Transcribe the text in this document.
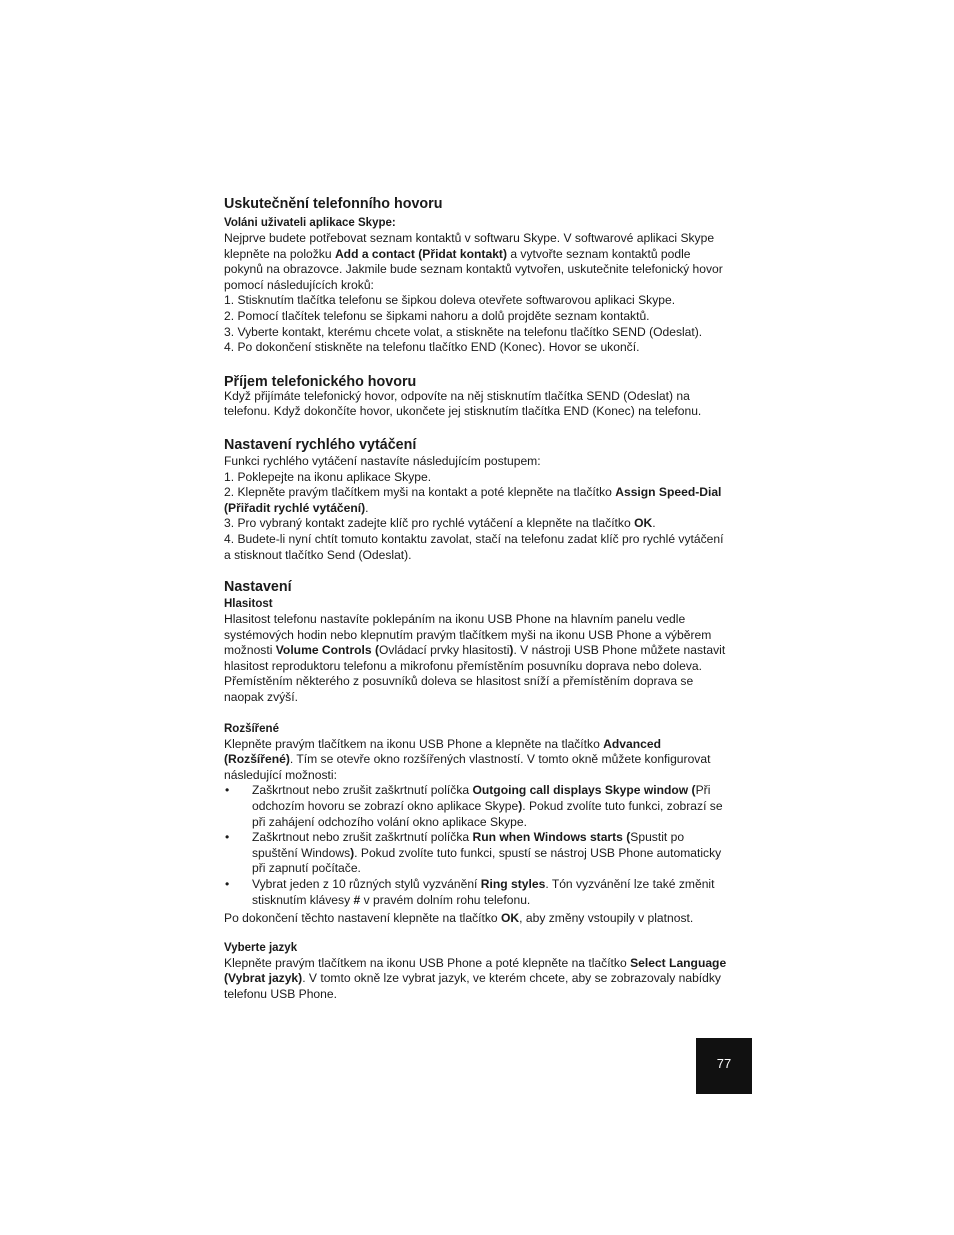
Uskutečnění telefonního hovoru
Voláni uživateli aplikace Skype:

Nejprve budete potřebovat seznam kontaktů v softwaru Skype. V softwarové aplikaci Skype klepněte na položku Add a contact (Přidat kontakt) a vytvořte seznam kontaktů podle pokynů na obrazovce. Jakmile bude seznam kontaktů vytvořen, uskutečnite telefonický hovor pomocí následujících kroků:

1. Stisknutím tlačítka telefonu se šipkou doleva otevřete softwarovou aplikaci Skype.
2. Pomocí tlačítek telefonu se šipkami nahoru a dolů projděte seznam kontaktů.
3. Vyberte kontakt, kterému chcete volat, a stiskněte na telefonu tlačítko SEND (Odeslat).
4. Po dokončení stiskněte na telefonu tlačítko END (Konec). Hovor se ukončí.
Příjem telefonického hovoru

Když přijímáte telefonický hovor, odpovíte na něj stisknutím tlačítka SEND (Odeslat) na telefonu. Když dokončíte hovor, ukončete jej stisknutím tlačítka END (Konec) na telefonu.

Nastavení rychlého vytáčení

Funkci rychlého vytáčení nastavíte následujícím postupem:

1. Poklepejte na ikonu aplikace Skype.

2. Klepněte pravým tlačítkem myši na kontakt a poté klepněte na tlačítko Assign Speed-Dial (Přiřadit rychlé vytáčení).

3. Pro vybraný kontakt zadejte klíč pro rychlé vytáčení a klepněte na tlačítko OK.

4. Budete-li nyní chtít tomuto kontaktu zavolat, stačí na telefonu zadat klíč pro rychlé vytáčení a stisknout tlačítko Send (Odeslat).

Nastavení
Hlasitost

Hlasitost telefonu nastavíte poklepáním na ikonu USB Phone na hlavním panelu vedle systémových hodin nebo klepnutím pravým tlačítkem myši na ikonu USB Phone a výběrem možnosti Volume Controls (Ovládací prvky hlasitosti). V nástroji USB Phone můžete nastavit hlasitost reproduktoru telefonu a mikrofonu přemístěním posuvníku doprava nebo doleva. Přemístěním některého z posuvníků doleva se hlasitost sníží a přemístěním doprava se naopak zvýší.

Rozšířené

Klepněte pravým tlačítkem na ikonu USB Phone a klepněte na tlačítko Advanced (Rozšířené). Tím se otevře okno rozšířených vlastností. V tomto okně můžete konfigurovat následující možnosti:

• Zaškrtnout nebo zrušit zaškrtnutí políčka Outgoing call displays Skype window (Při odchozím hovoru se zobrazí okno aplikace Skype). Pokud zvolíte tuto funkci, zobrazí se při zahájení odchozího volání okno aplikace Skype.
• Zaškrtnout nebo zrušit zaškrtnutí políčka Run when Windows starts (Spustit po spuštění Windows). Pokud zvolíte tuto funkci, spustí se nástroj USB Phone automaticky při zapnutí počítače.
• Vybrat jeden z 10 různých stylů vyzvánění Ring styles. Tón vyzvánění lze také změnit stisknutím klávesy # v pravém dolním rohu telefonu.

Po dokončení těchto nastavení klepněte na tlačítko OK, aby změny vstoupily v platnost.

Vyberte jazyk

Klepněte pravým tlačítkem na ikonu USB Phone a poté klepněte na tlačítko Select Language (Vybrat jazyk). V tomto okně lze vybrat jazyk, ve kterém chcete, aby se zobrazovaly nabídky telefonu USB Phone.

77
